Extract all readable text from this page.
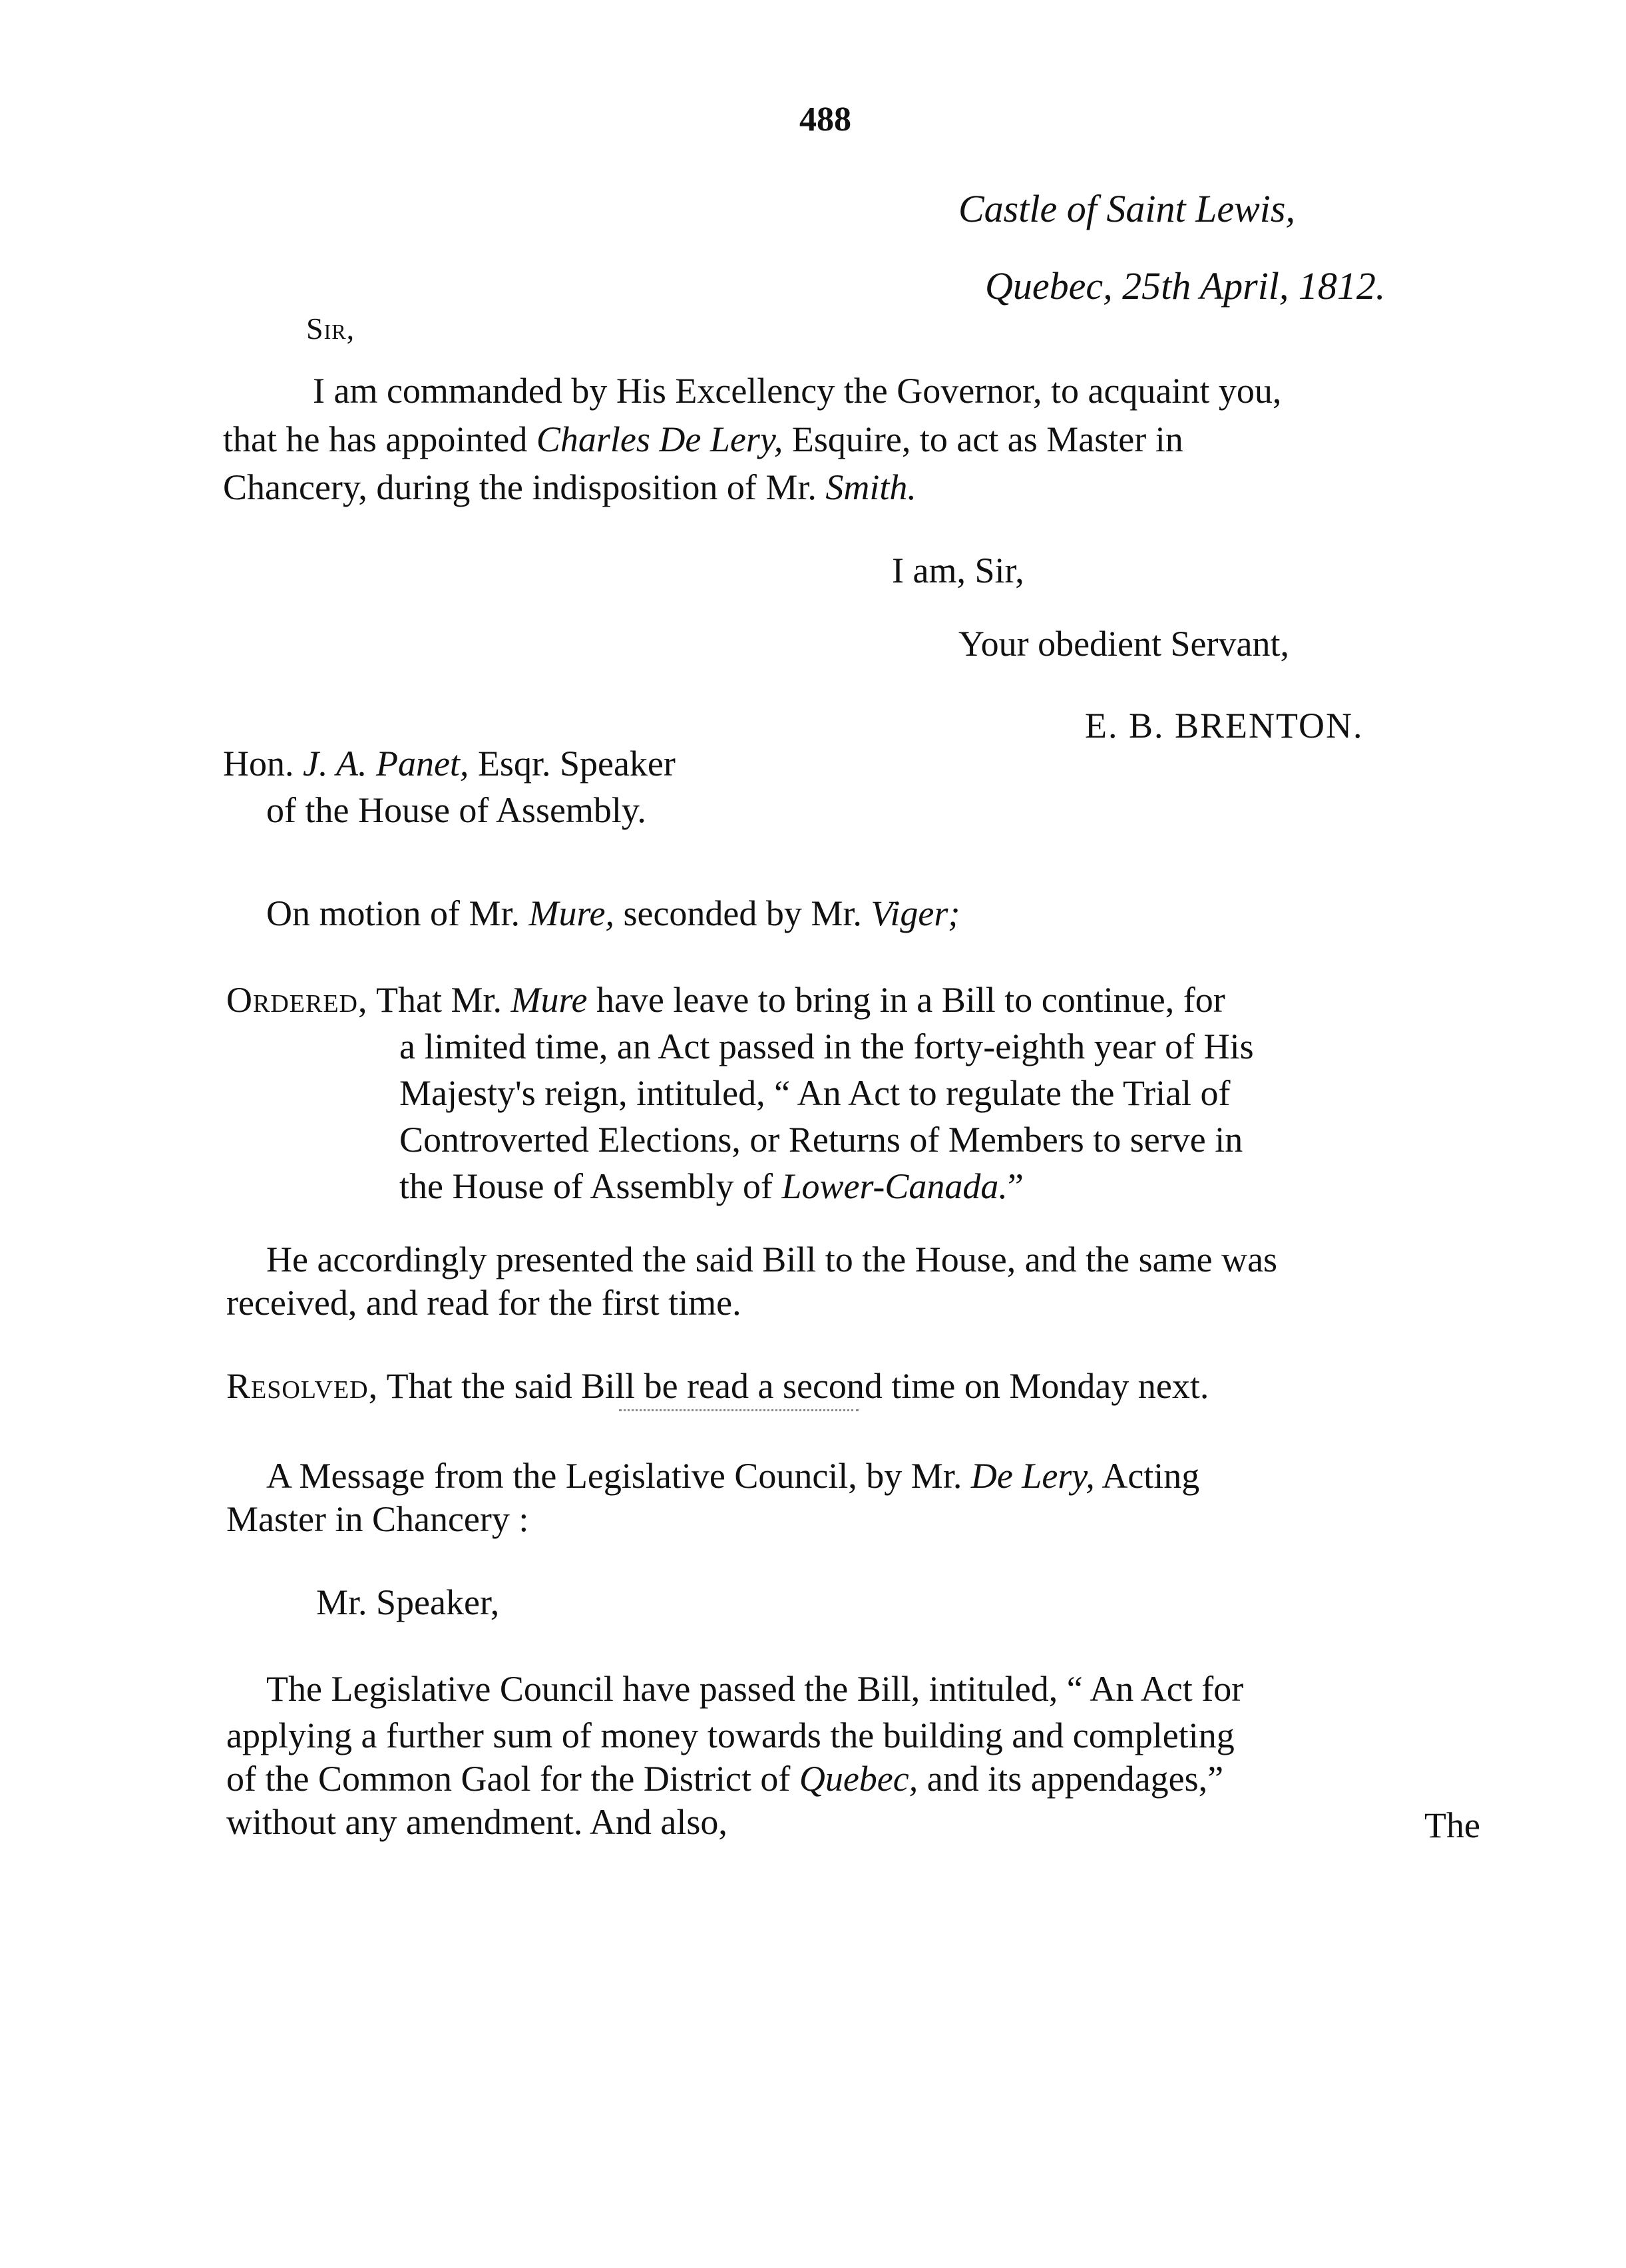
488
Castle of Saint Lewis,
Quebec, 25th April, 1812.
Sir,
I am commanded by His Excellency the Governor, to acquaint you,
that he has appointed Charles De Lery, Esquire, to act as Master in
Chancery, during the indisposition of Mr. Smith.
I am, Sir,
Your obedient Servant,
E. B. BRENTON.
Hon. J. A. Panet, Esqr. Speaker
of the House of Assembly.
On motion of Mr. Mure, seconded by Mr. Viger;
Ordered, That Mr. Mure have leave to bring in a Bill to continue, for
a limited time, an Act passed in the forty-eighth year of His
Majesty's reign, intituled, “ An Act to regulate the Trial of
Controverted Elections, or Returns of Members to serve in
the House of Assembly of Lower-Canada.”
He accordingly presented the said Bill to the House, and the same was
received, and read for the first time.
Resolved, That the said Bill be read a second time on Monday next.
A Message from the Legislative Council, by Mr. De Lery, Acting
Master in Chancery :
Mr. Speaker,
The Legislative Council have passed the Bill, intituled, “ An Act for
applying a further sum of money towards the building and completing
of the Common Gaol for the District of Quebec, and its appendages,”
without any amendment. And also,	The
